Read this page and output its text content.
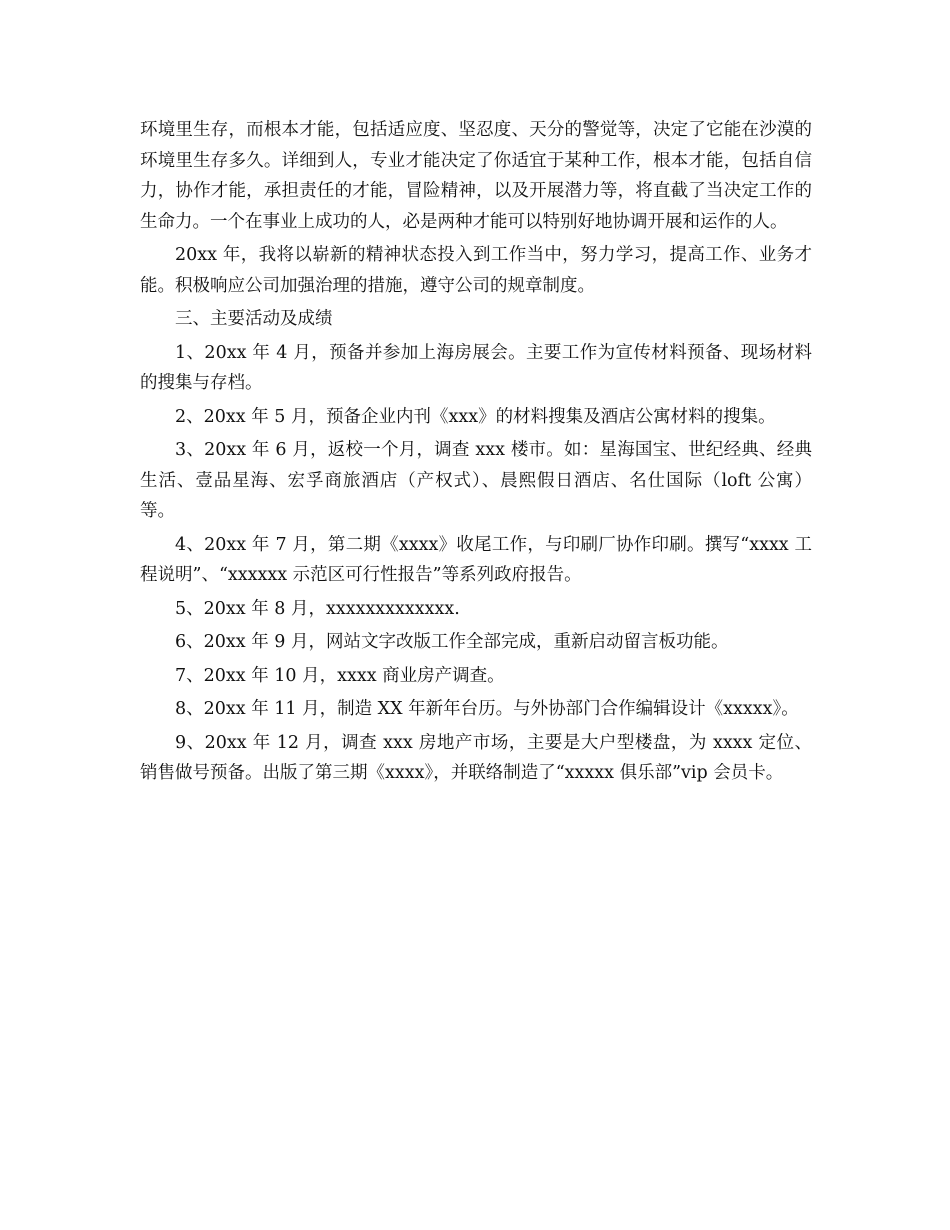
环境里生存，而根本才能，包括适应度、坚忍度、天分的警觉等，决定了它能在沙漠的环境里生存多久。详细到人，专业才能决定了你适宜于某种工作，根本才能，包括自信力，协作才能，承担责任的才能，冒险精神，以及开展潜力等，将直截了当决定工作的生命力。一个在事业上成功的人，必是两种才能可以特别好地协调开展和运作的人。

20xx 年，我将以崭新的精神状态投入到工作当中，努力学习，提高工作、业务才能。积极响应公司加强治理的措施，遵守公司的规章制度。

三、主要活动及成绩

1、20xx 年 4 月，预备并参加上海房展会。主要工作为宣传材料预备、现场材料的搜集与存档。

2、20xx 年 5 月，预备企业内刊《xxx》的材料搜集及酒店公寓材料的搜集。

3、20xx 年 6 月，返校一个月，调查 xxx 楼市。如：星海国宝、世纪经典、经典生活、壹品星海、宏孚商旅酒店（产权式）、晨熙假日酒店、名仕国际（loft 公寓）等。

4、20xx 年 7 月，第二期《xxxx》收尾工作，与印刷厂协作印刷。撰写“xxxx 工程说明”、“xxxxxx 示范区可行性报告”等系列政府报告。

5、20xx 年 8 月，xxxxxxxxxxxxx.

6、20xx 年 9 月，网站文字改版工作全部完成，重新启动留言板功能。

7、20xx 年 10 月，xxxx 商业房产调查。

8、20xx 年 11 月，制造 XX 年新年台历。与外协部门合作编辑设计《xxxxx》。

9、20xx 年 12 月，调查 xxx 房地产市场，主要是大户型楼盘，为 xxxx 定位、销售做号预备。出版了第三期《xxxx》，并联络制造了“xxxxx 俱乐部”vip 会员卡。
